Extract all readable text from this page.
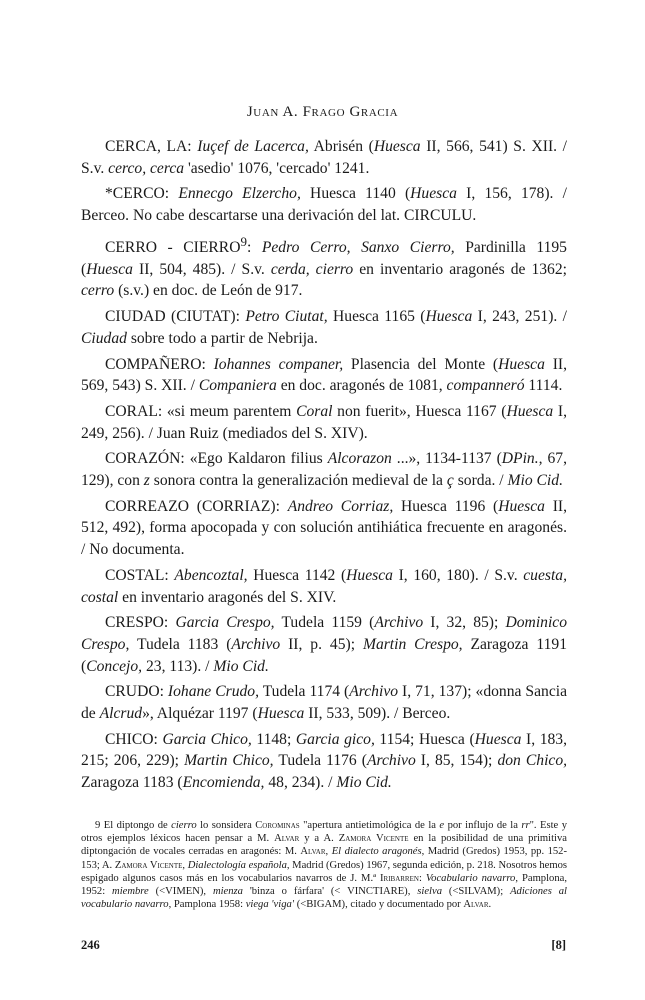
Juan A. Frago Gracia

CERCA, LA: Iuçef de Lacerca, Abrisén (Huesca II, 566, 541) S. XII. / S.v. cerco, cerca 'asedio' 1076, 'cercado' 1241.

*CERCO: Ennecgo Elzercho, Huesca 1140 (Huesca I, 156, 178). / Berceo. No cabe descartarse una derivación del lat. CIRCULU.

CERRO - CIERRO$^9$: Pedro Cerro, Sanxo Cierro, Pardinilla 1195 (Huesca II, 504, 485). / S.v. cerda, cierro en inventario aragonés de 1362; cerro (s.v.) en doc. de León de 917.

CIUDAD (CIUTAT): Petro Ciutat, Huesca 1165 (Huesca I, 243, 251). / Ciudad sobre todo a partir de Nebrija.

COMPAÑERO: Iohannes companer, Plasencia del Monte (Huesca II, 569, 543) S. XII. / Companiera en doc. aragonés de 1081, companneró 1114.

CORAL: «si meum parentem Coral non fuerit», Huesca 1167 (Huesca I, 249, 256). / Juan Ruiz (mediados del S. XIV).

CORAZÓN: «Ego Kaldaron filius Alcorazon ...», 1134-1137 (DPin., 67, 129), con z sonora contra la generalización medieval de la ç sorda. / Mio Cid.

CORREAZO (CORRIAZ): Andreo Corriaz, Huesca 1196 (Huesca II, 512, 492), forma apocopada y con solución antihiática frecuente en aragonés. / No documenta.

COSTAL: Abencoztal, Huesca 1142 (Huesca I, 160, 180). / S.v. cuesta, costal en inventario aragonés del S. XIV.

CRESPO: Garcia Crespo, Tudela 1159 (Archivo I, 32, 85); Dominico Crespo, Tudela 1183 (Archivo II, p. 45); Martin Crespo, Zaragoza 1191 (Concejo, 23, 113). / Mio Cid.

CRUDO: Iohane Crudo, Tudela 1174 (Archivo I, 71, 137); «donna Sancia de Alcrud», Alquézar 1197 (Huesca II, 533, 509). / Berceo.

CHICO: Garcia Chico, 1148; Garcia gico, 1154; Huesca (Huesca I, 183, 215; 206, 229); Martin Chico, Tudela 1176 (Archivo I, 85, 154); don Chico, Zaragoza 1183 (Encomienda, 48, 234). / Mio Cid.

9 El diptongo de cierro lo sonsidera Corominas "apertura antietimológica de la e por influjo de la rr". Este y otros ejemplos léxicos hacen pensar a M. Alvar y a A. Zamora Vicente en la posibilidad de una primitiva diptongación de vocales cerradas en aragonés: M. Alvar, El dialecto aragonés, Madrid (Gredos) 1953, pp. 152-153; A. Zamora Vicente, Dialectología española, Madrid (Gredos) 1967, segunda edición, p. 218. Nosotros hemos espigado algunos casos más en los vocabularios navarros de J. M.ª Iribarren: Vocabulario navarro, Pamplona, 1952: miembre (<VIMEN), mienza 'binza o fárfara' (< VINCTIARE), sielva (<SILVAM); Adiciones al vocabulario navarro, Pamplona 1958: viega 'viga' (<BIGAM), citado y documentado por Alvar.

246	[8]
